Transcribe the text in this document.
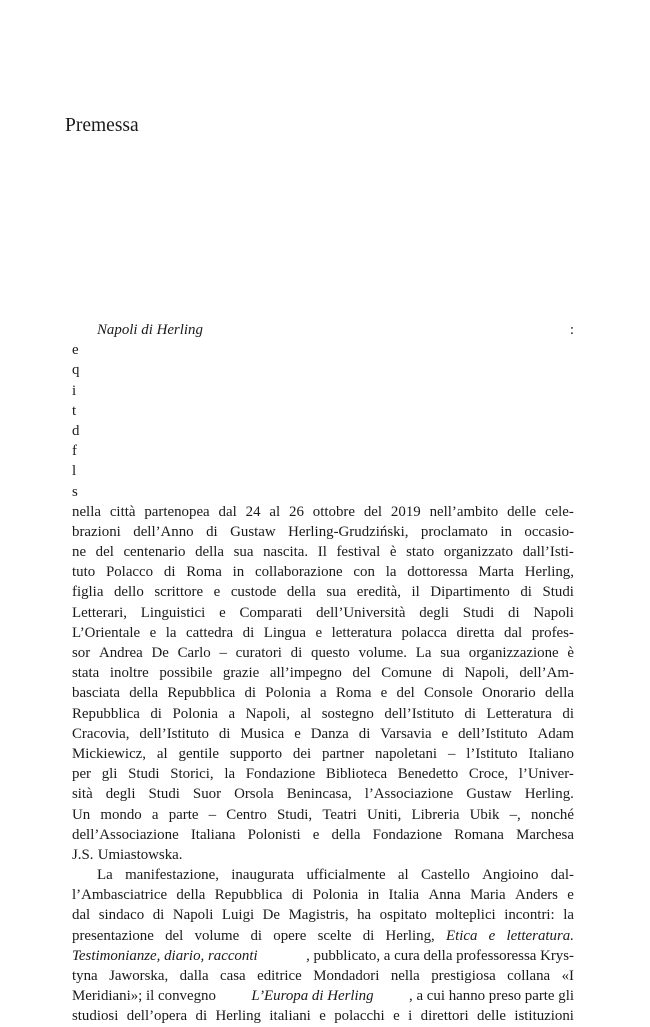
Premessa
Napoli di Herling	:
e
q
i
t
d
f
l
s
nella città partenopea dal 24 al 26 ottobre del 2019 nell’ambito delle cele-
brazioni dell’Anno di Gustaw Herling-Grudziński, proclamato in occasio-
ne del centenario della sua nascita. Il festival è stato organizzato dall’Isti-
tuto Polacco di Roma in collaborazione con la dottoressa Marta Herling,
figlia dello scrittore e custode della sua eredità, il Dipartimento di Studi
Letterari, Linguistici e Comparati dell’Università degli Studi di Napoli
L’Orientale e la cattedra di Lingua e letteratura polacca diretta dal profes-
sor Andrea De Carlo – curatori di questo volume. La sua organizzazione è
stata inoltre possibile grazie all’impegno del Comune di Napoli, dell’Am-
basciata della Repubblica di Polonia a Roma e del Console Onorario della
Repubblica di Polonia a Napoli, al sostegno dell’Istituto di Letteratura di
Cracovia, dell’Istituto di Musica e Danza di Varsavia e dell’Istituto Adam
Mickiewicz, al gentile supporto dei partner napoletani – l’Istituto Italiano
per gli Studi Storici, la Fondazione Biblioteca Benedetto Croce, l’Univer-
sità degli Studi Suor Orsola Benincasa, l’Associazione Gustaw Herling.
Un mondo a parte – Centro Studi, Teatri Uniti, Libreria Ubik –, nonché
dell’Associazione Italiana Polonisti e della Fondazione Romana Marchesa
J.S. Umiastowska.
La manifestazione, inaugurata ufficialmente al Castello Angioino dal-
l’Ambasciatrice della Repubblica di Polonia in Italia Anna Maria Anders e
dal sindaco di Napoli Luigi De Magistris, ha ospitato molteplici incontri: la
presentazione del volume di opere scelte di Herling, Etica e letteratura.
Testimonianze, diario, racconti	, pubblicato, a cura della professoressa Krys-
tyna Jaworska, dalla casa editrice Mondadori nella prestigiosa collana «I
Meridiani»; il convegno L’Europa di Herling , a cui hanno preso parte gli
studiosi dell’opera di Herling italiani e polacchi e i direttori delle istituzioni
